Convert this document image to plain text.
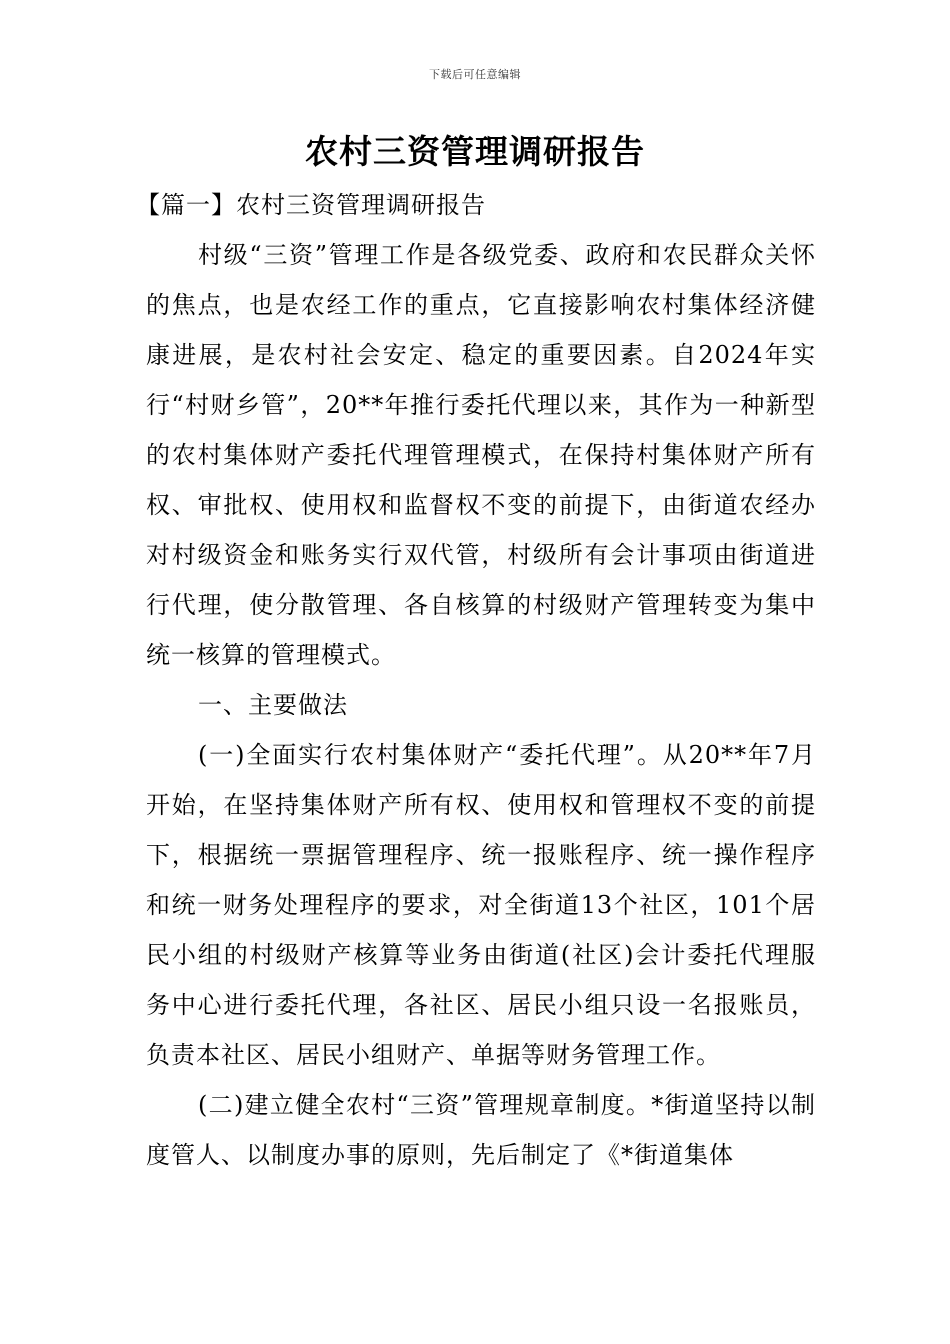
下载后可任意编辑
农村三资管理调研报告

【篇一】农村三资管理调研报告

村级“三资”管理工作是各级党委、政府和农民群众关怀的焦点，也是农经工作的重点，它直接影响农村集体经济健康进展，是农村社会安定、稳定的重要因素。自2024年实行“村财乡管”，20**年推行委托代理以来，其作为一种新型的农村集体财产委托代理管理模式，在保持村集体财产所有权、审批权、使用权和监督权不变的前提下，由街道农经办对村级资金和账务实行双代管，村级所有会计事项由街道进行代理，使分散管理、各自核算的村级财产管理转变为集中统一核算的管理模式。

一、主要做法

(一)全面实行农村集体财产“委托代理”。从20**年7月开始，在坚持集体财产所有权、使用权和管理权不变的前提下，根据统一票据管理程序、统一报账程序、统一操作程序和统一财务处理程序的要求，对全街道13个社区，101个居民小组的村级财产核算等业务由街道(社区)会计委托代理服务中心进行委托代理，各社区、居民小组只设一名报账员，负责本社区、居民小组财产、单据等财务管理工作。

(二)建立健全农村“三资”管理规章制度。*街道坚持以制度管人、以制度办事的原则，先后制定了《*街道集体
